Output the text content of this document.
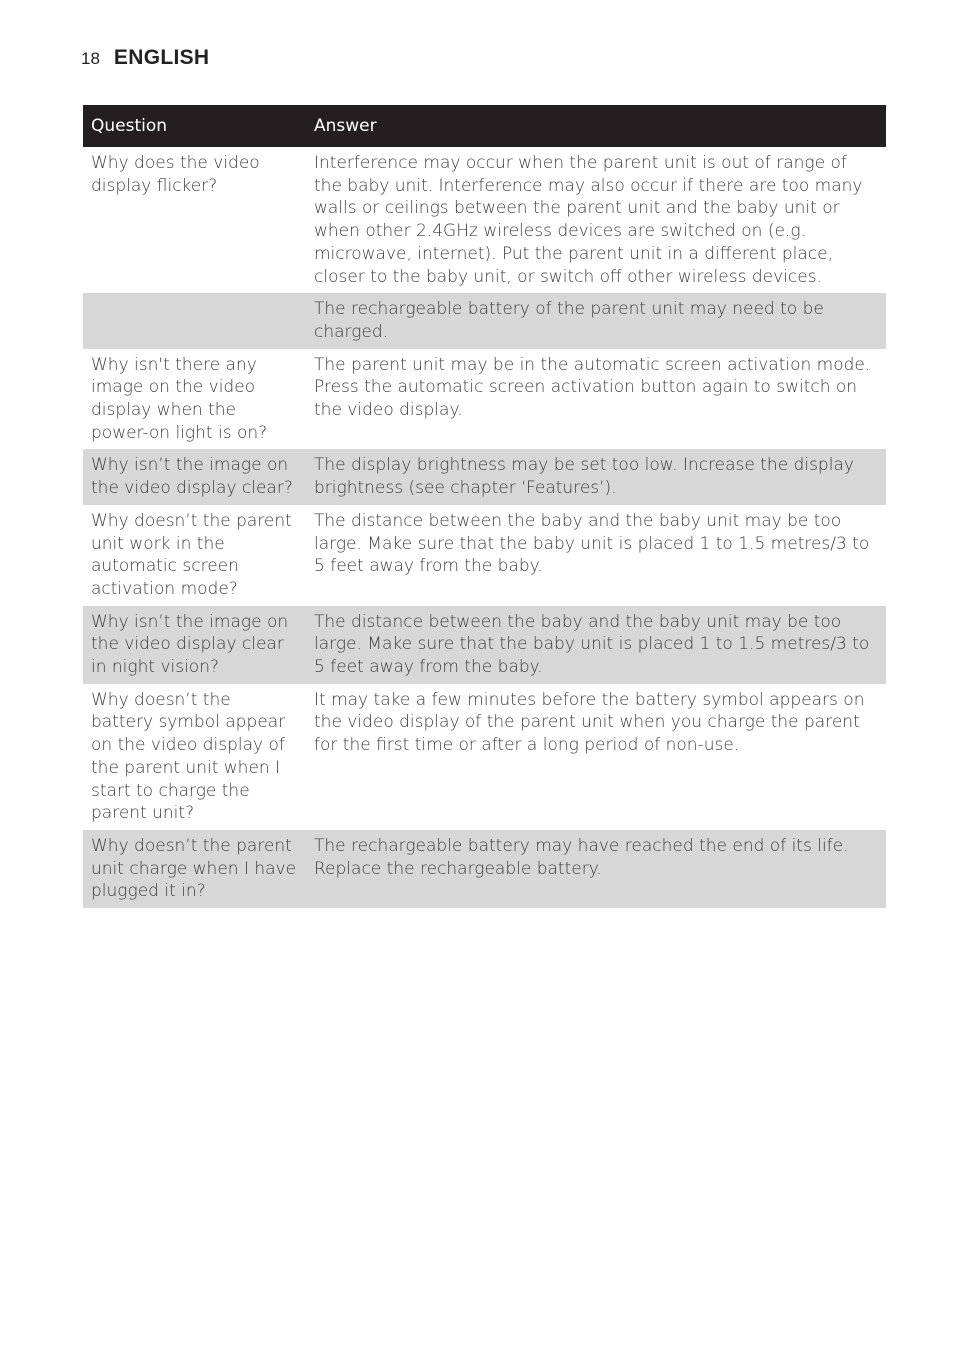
18 ENGLISH
Question	Answer
Why does the video display flicker?	Interference may occur when the parent unit is out of range of the baby unit. Interference may also occur if there are too many walls or ceilings between the parent unit and the baby unit or when other 2.4GHz wireless devices are switched on (e.g. microwave, internet). Put the parent unit in a different place, closer to the baby unit, or switch off other wireless devices.
	The rechargeable battery of the parent unit may need to be charged.
Why isn't there any image on the video display when the power-on light is on?	The parent unit may be in the automatic screen activation mode. Press the automatic screen activation button again to switch on the video display.
Why isn’t the image on the video display clear?	The display brightness may be set too low. Increase the display brightness (see chapter ‘Features’).
Why doesn’t the parent unit work in the automatic screen activation mode?	The distance between the baby and the baby unit may be too large. Make sure that the baby unit is placed 1 to 1.5 metres/3 to 5 feet away from the baby.
Why isn’t the image on the video display clear in night vision?	The distance between the baby and the baby unit may be too large. Make sure that the baby unit is placed 1 to 1.5 metres/3 to 5 feet away from the baby.
Why doesn’t the battery symbol appear on the video display of the parent unit when I start to charge the parent unit?	It may take a few minutes before the battery symbol appears on the video display of the parent unit when you charge the parent for the first time or after a long period of non-use.
Why doesn’t the parent unit charge when I have plugged it in?	The rechargeable battery may have reached the end of its life. Replace the rechargeable battery.
